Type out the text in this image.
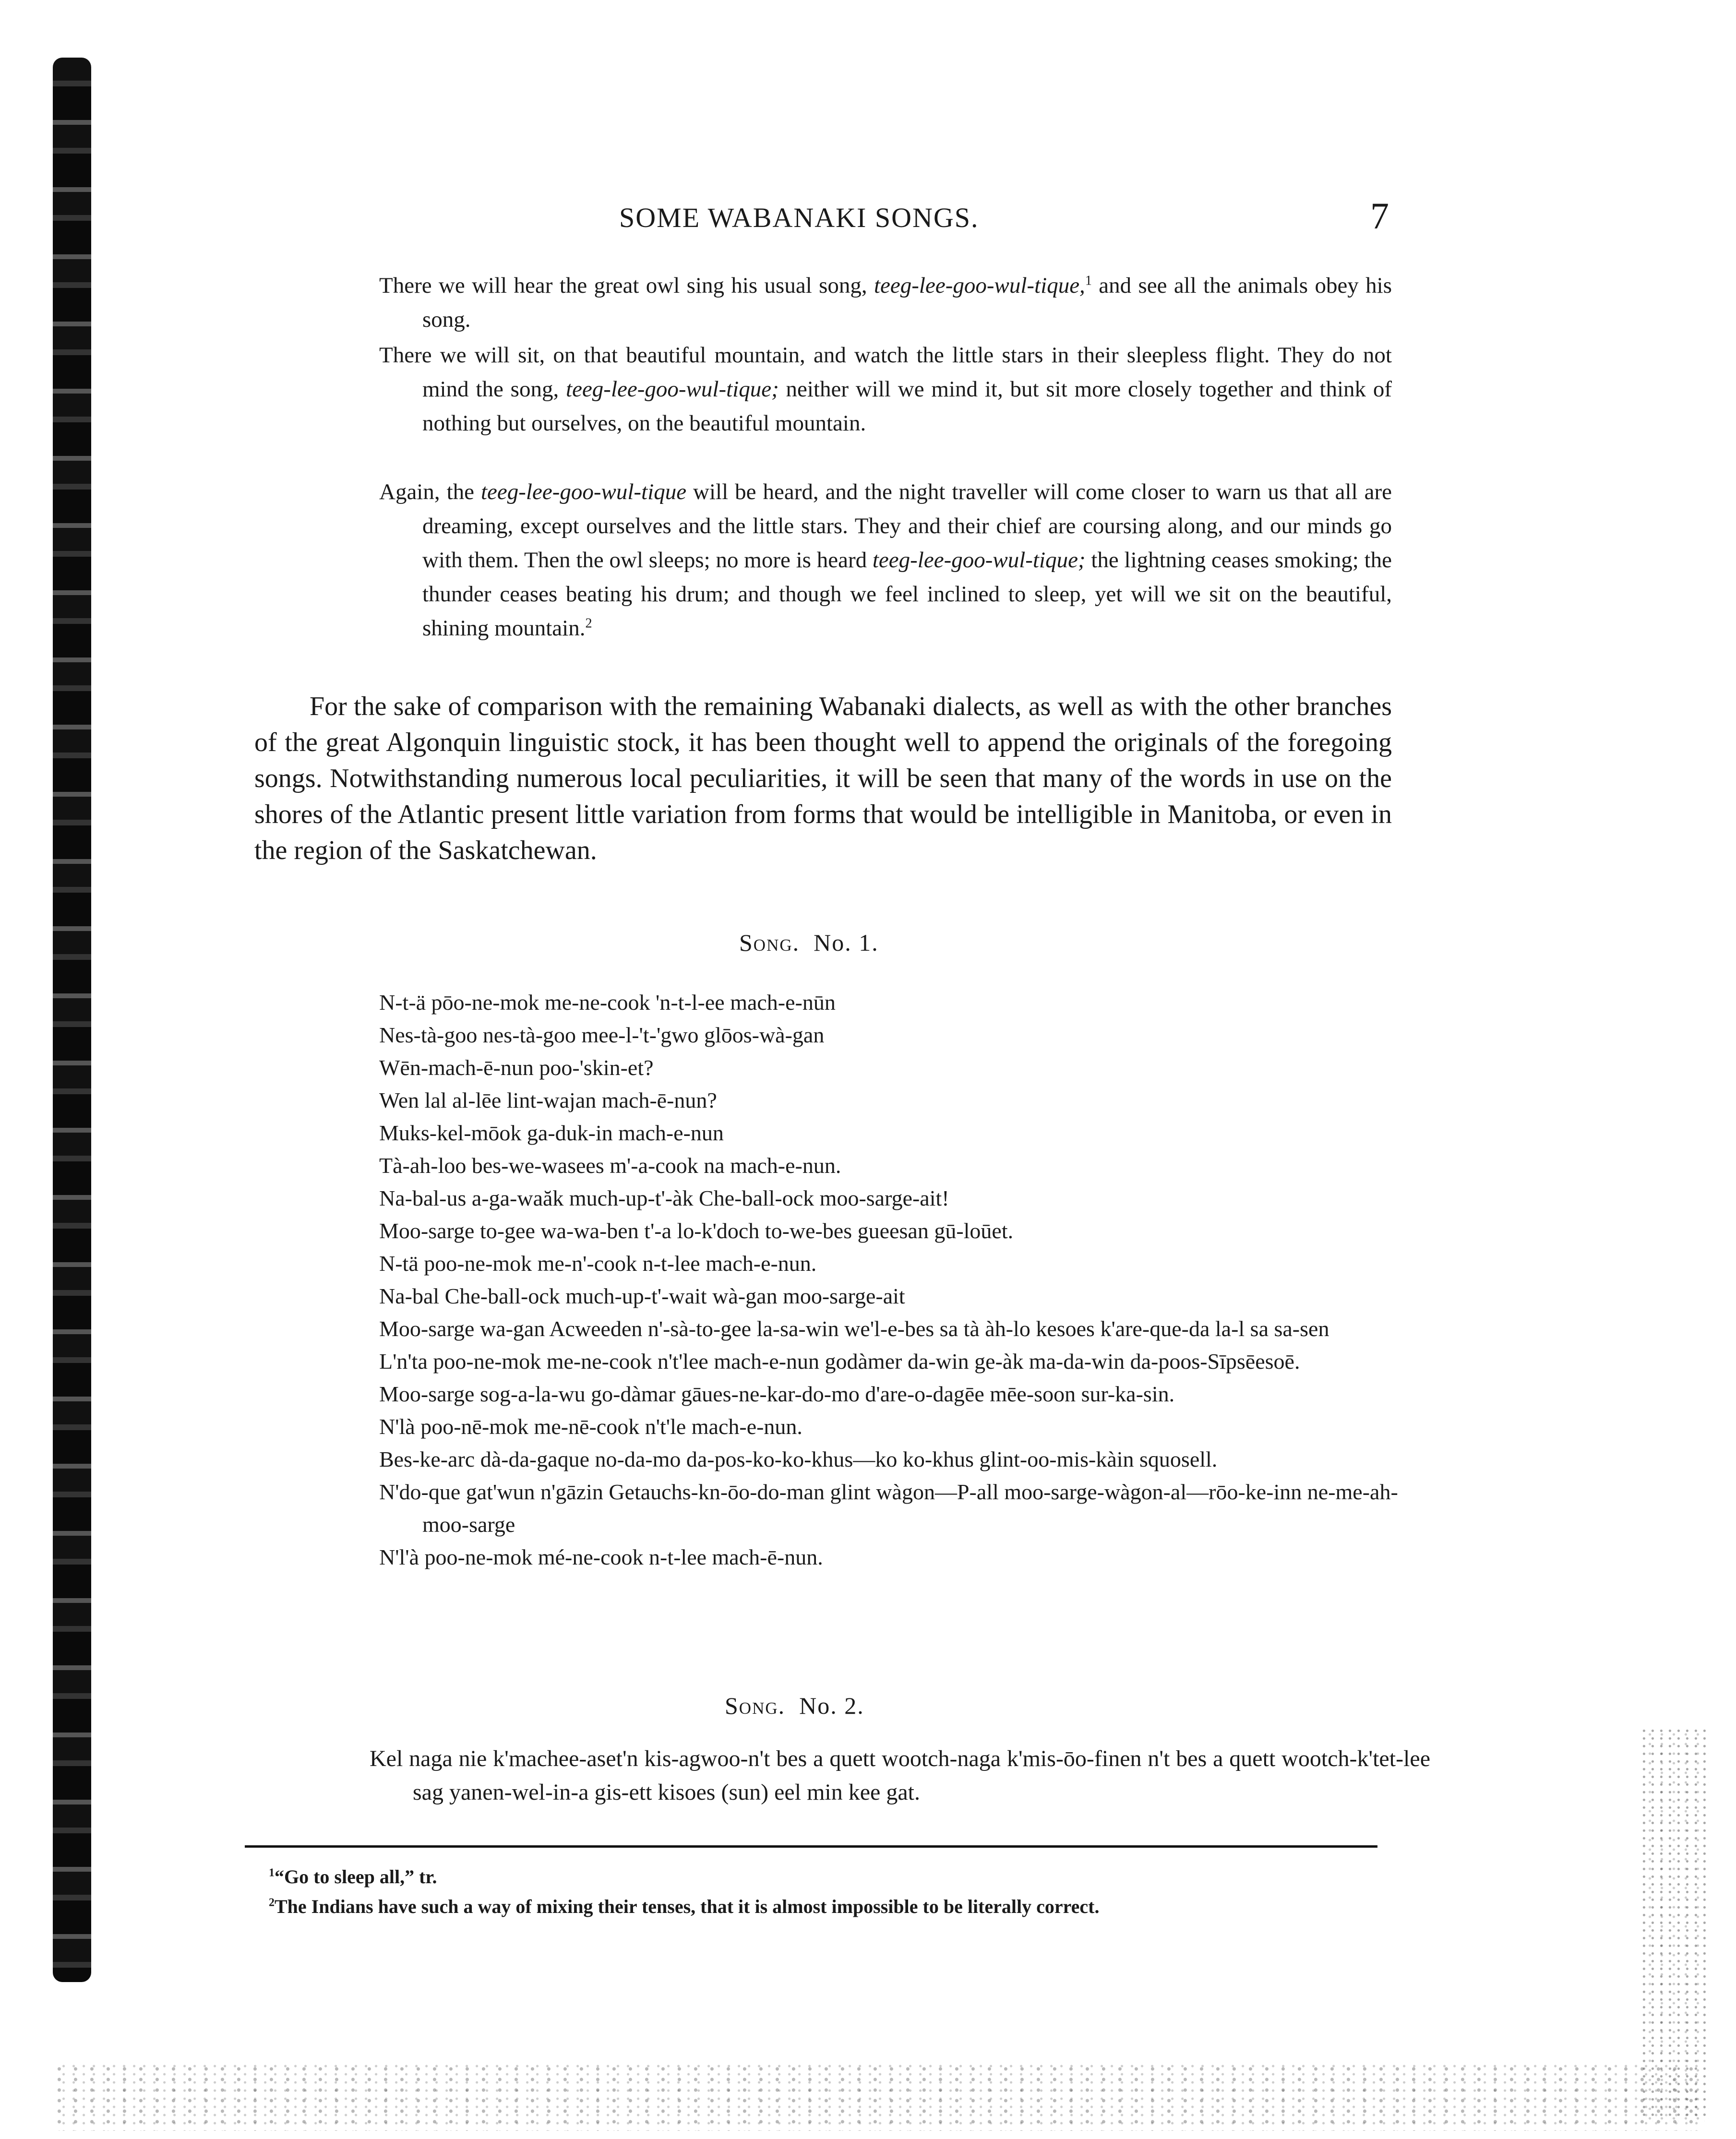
SOME WABANAKI SONGS.	7

There we will hear the great owl sing his usual song, teeg-lee-goo-wul-tique,$^1$ and see all the animals obey his song.

There we will sit, on that beautiful mountain, and watch the little stars in their sleepless flight. They do not mind the song, teeg-lee-goo-wul-tique; neither will we mind it, but sit more closely together and think of nothing but ourselves, on the beautiful mountain.

Again, the teeg-lee-goo-wul-tique will be heard, and the night traveller will come closer to warn us that all are dreaming, except ourselves and the little stars. They and their chief are coursing along, and our minds go with them. Then the owl sleeps; no more is heard teeg-lee-goo-wul-tique; the lightning ceases smoking; the thunder ceases beating his drum; and though we feel inclined to sleep, yet will we sit on the beautiful, shining mountain.$^2$

For the sake of comparison with the remaining Wabanaki dialects, as well as with the other branches of the great Algonquin linguistic stock, it has been thought well to append the originals of the foregoing songs. Notwithstanding numerous local peculiarities, it will be seen that many of the words in use on the shores of the Atlantic present little variation from forms that would be intelligible in Manitoba, or even in the region of the Saskatchewan.

Song. No. 1.
N-t-ä pōo-ne-mok me-ne-cook 'n-t-l-ee mach-e-nūn
Nes-tà-goo nes-tà-goo mee-l-'t-'gwo glōos-wà-gan
Wēn-mach-ē-nun poo-'skin-et?
Wen lal al-lēe lint-wajan mach-ē-nun?
Muks-kel-mōok ga-duk-in mach-e-nun
Tà-ah-loo bes-we-wasees m'-a-cook na mach-e-nun.
Na-bal-us a-ga-waăk much-up-t'-àk Che-ball-ock moo-sarge-ait!
Moo-sarge to-gee wa-wa-ben t'-a lo-k'doch to-we-bes gueesan gū-loūet.
N-tä poo-ne-mok me-n'-cook n-t-lee mach-e-nun.
Na-bal Che-ball-ock much-up-t'-wait wà-gan moo-sarge-ait
Moo-sarge wa-gan Acweeden n'-sà-to-gee la-sa-win we'l-e-bes sa tà àh-lo kesoes k'are-que-da la-l sa sa-sen
L'n'ta poo-ne-mok me-ne-cook n't'lee mach-e-nun godàmer da-win ge-àk ma-da-win da-poos-Sīpsēesoē.
Moo-sarge sog-a-la-wu go-dàmar gāues-ne-kar-do-mo d'are-o-dagēe mēe-soon sur-ka-sin.
N'là poo-nē-mok me-nē-cook n't'le mach-e-nun.
Bes-ke-arc dà-da-gaque no-da-mo da-pos-ko-ko-khus—ko ko-khus glint-oo-mis-kàin squosell.
N'do-que gat'wun n'gāzin Getauchs-kn-ōo-do-man glint wàgon—P-all moo-sarge-wàgon-al—rōo-ke-inn ne-me-ah-moo-sarge
N'l'à poo-ne-mok mé-ne-cook n-t-lee mach-ē-nun.
Song. No. 2.

Kel naga nie k'machee-aset'n kis-agwoo-n't bes a quett wootch-naga k'mis-ōo-finen n't bes a quett wootch-k'tet-lee sag yanen-wel-in-a gis-ett kisoes (sun) eel min kee gat.

$^1$“Go to sleep all,” tr.

$^2$The Indians have such a way of mixing their tenses, that it is almost impossible to be literally correct.
